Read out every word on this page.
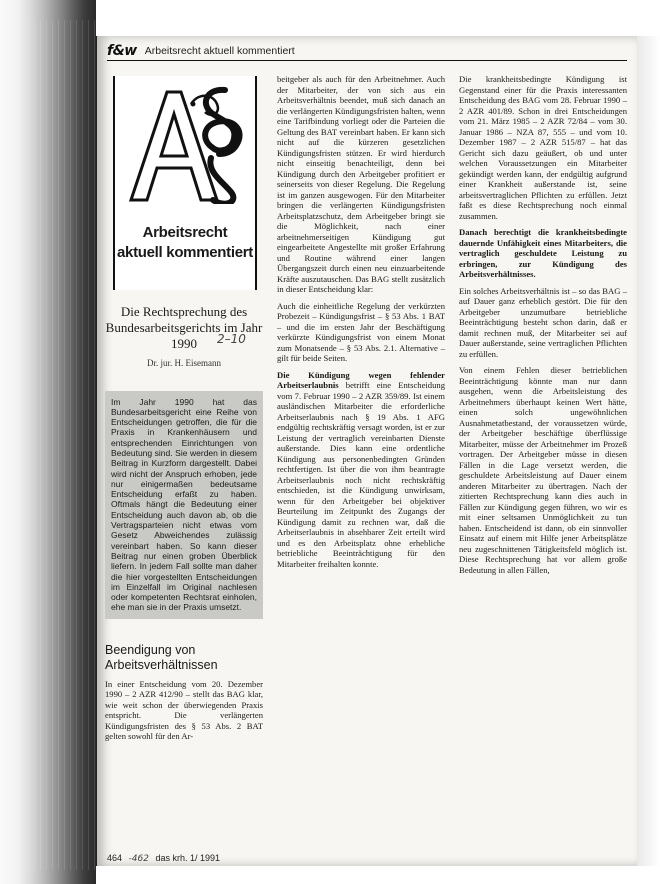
f&w Arbeitsrecht aktuell kommentiert
Arbeitsrecht
aktuell kommentiert
Die Rechtsprechung des Bundesarbeitsgerichts im Jahr 1990
Dr. jur. H. Eisemann
Im Jahr 1990 hat das Bundesarbeitsgericht eine Reihe von Entscheidungen getroffen, die für die Praxis in Krankenhäusern und entsprechenden Einrichtungen von Bedeutung sind. Sie werden in diesem Beitrag in Kurzform dargestellt. Dabei wird nicht der Anspruch erhoben, jede nur einigermaßen bedeutsame Entscheidung erfaßt zu haben. Oftmals hängt die Bedeutung einer Entscheidung auch davon ab, ob die Vertragsparteien nicht etwas vom Gesetz Abweichendes zulässig vereinbart haben. So kann dieser Beitrag nur einen groben Überblick liefern. In jedem Fall sollte man daher die hier vorgestellten Entscheidungen im Einzelfall im Original nachlesen oder kompetenten Rechtsrat einholen, ehe man sie in der Praxis umsetzt.
Beendigung von Arbeitsverhältnissen

In einer Entscheidung vom 20. Dezember 1990 – 2 AZR 412/90 – stellt das BAG klar, wie weit schon der überwiegenden Praxis entspricht. Die verlängerten Kündigungsfristen des § 53 Abs. 2 BAT gelten sowohl für den Ar-

2–10

beitgeber als auch für den Arbeitnehmer. Auch der Mitarbeiter, der von sich aus ein Arbeitsverhältnis beendet, muß sich danach an die verlängerten Kündigungsfristen halten, wenn eine Tarifbindung vorliegt oder die Parteien die Geltung des BAT vereinbart haben. Er kann sich nicht auf die kürzeren gesetzlichen Kündigungsfristen stützen. Er wird hierdurch nicht einseitig benachteiligt, denn bei Kündigung durch den Arbeitgeber profitiert er seinerseits von dieser Regelung. Die Regelung ist im ganzen ausgewogen. Für den Mitarbeiter bringen die verlängerten Kündigungsfristen Arbeitsplatzschutz, dem Arbeitgeber bringt sie die Möglichkeit, nach einer arbeitnehmerseitigen Kündigung gut eingearbeitete Angestellte mit großer Erfahrung und Routine während einer langen Übergangszeit durch einen neu einzuarbeitende Kräfte auszutauschen. Das BAG stellt zusätzlich in dieser Entscheidung klar:

Auch die einheitliche Regelung der verkürzten Probezeit – Kündigungsfrist – § 53 Abs. 1 BAT – und die im ersten Jahr der Beschäftigung verkürzte Kündigungsfrist von einem Monat zum Monatsende – § 53 Abs. 2.1. Alternative – gilt für beide Seiten.

Die Kündigung wegen fehlender Arbeitserlaubnis betrifft eine Entscheidung vom 7. Februar 1990 – 2 AZR 359/89. Ist einem ausländischen Mitarbeiter die erforderliche Arbeitserlaubnis nach § 19 Abs. 1 AFG endgültig rechtskräftig versagt worden, ist er zur Leistung der vertraglich vereinbarten Dienste außerstande. Dies kann eine ordentliche Kündigung aus personenbedingten Gründen rechtfertigen. Ist über die von ihm beantragte Arbeitserlaubnis noch nicht rechtskräftig entschieden, ist die Kündigung unwirksam, wenn für den Arbeitgeber bei objektiver Beurteilung im Zeitpunkt des Zugangs der Kündigung damit zu rechnen war, daß die Arbeitserlaubnis in absehbarer Zeit erteilt wird und es den Arbeitsplatz ohne erhebliche betriebliche Beeinträchtigung für den Mitarbeiter freihalten konnte.

Die krankheitsbedingte Kündigung ist Gegenstand einer für die Praxis interessanten Entscheidung des BAG vom 28. Februar 1990 – 2 AZR 401/89. Schon in drei Entscheidungen vom 21. März 1985 – 2 AZR 72/84 – vom 30. Januar 1986 – NZA 87, 555 – und vom 10. Dezember 1987 – 2 AZR 515/87 – hat das Gericht sich dazu geäußert, ob und unter welchen Voraussetzungen ein Mitarbeiter gekündigt werden kann, der endgültig aufgrund einer Krankheit außerstande ist, seine arbeitsvertraglichen Pflichten zu erfüllen. Jetzt faßt es diese Rechtsprechung noch einmal zusammen.

Danach berechtigt die krankheitsbedingte dauernde Unfähigkeit eines Mitarbeiters, die vertraglich geschuldete Leistung zu erbringen, zur Kündigung des Arbeitsverhältnisses.

Ein solches Arbeitsverhältnis ist – so das BAG – auf Dauer ganz erheblich gestört. Die für den Arbeitgeber unzumutbare betriebliche Beeinträchtigung besteht schon darin, daß er damit rechnen muß, der Mitarbeiter sei auf Dauer außerstande, seine vertraglichen Pflichten zu erfüllen.

Von einem Fehlen dieser betrieblichen Beeinträchtigung könnte man nur dann ausgehen, wenn die Arbeitsleistung des Arbeitnehmers überhaupt keinen Wert hätte, einen solch ungewöhnlichen Ausnahmetatbestand, der voraussetzen würde, der Arbeitgeber beschäftige überflüssige Mitarbeiter, müsse der Arbeitnehmer im Prozeß vortragen. Der Arbeitgeber müsse in diesen Fällen in die Lage versetzt werden, die geschuldete Arbeitsleistung auf Dauer einem anderen Mitarbeiter zu übertragen. Nach der zitierten Rechtsprechung kann dies auch in Fällen zur Kündigung gegen führen, wo wir es mit einer seltsamen Unmöglichkeit zu tun haben. Entscheidend ist dann, ob ein sinnvoller Einsatz auf einem mit Hilfe jener Arbeitsplätze neu zugeschnittenen Tätigkeitsfeld möglich ist. Diese Rechtsprechung hat vor allem große Bedeutung in allen Fällen,

464 -462 das krh. 1/ 1991
